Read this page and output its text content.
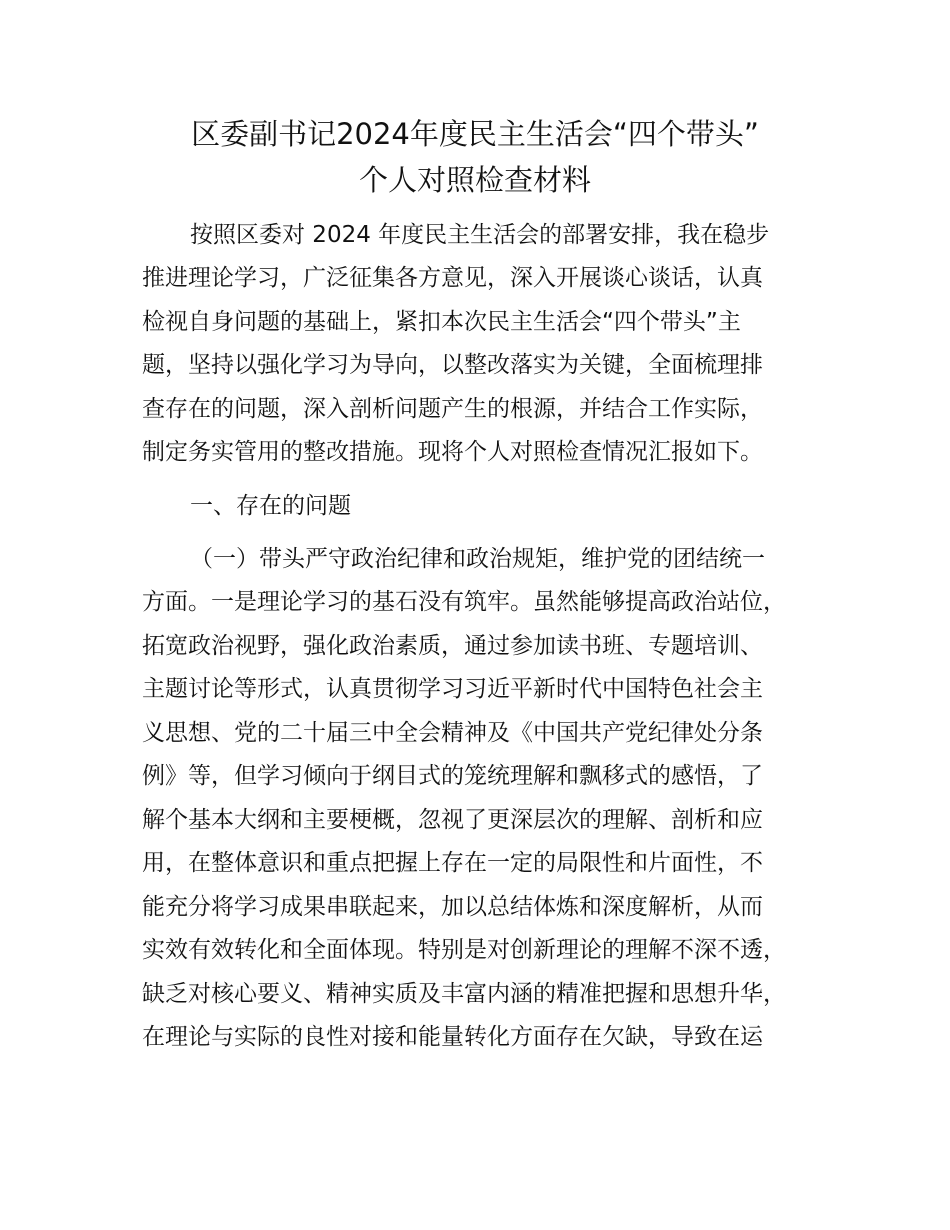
区委副书记2024年度民主生活会“四个带头”
个人对照检查材料
按照区委对 2024 年度民主生活会的部署安排，我在稳步
推进理论学习，广泛征集各方意见，深入开展谈心谈话，认真
检视自身问题的基础上，紧扣本次民主生活会“四个带头”主
题，坚持以强化学习为导向，以整改落实为关键，全面梳理排
查存在的问题，深入剖析问题产生的根源，并结合工作实际，
制定务实管用的整改措施。现将个人对照检查情况汇报如下。
一、存在的问题
（一）带头严守政治纪律和政治规矩，维护党的团结统一
方面。一是理论学习的基石没有筑牢。虽然能够提高政治站位，
拓宽政治视野，强化政治素质，通过参加读书班、专题培训、
主题讨论等形式，认真贯彻学习习近平新时代中国特色社会主
义思想、党的二十届三中全会精神及《中国共产党纪律处分条
例》等，但学习倾向于纲目式的笼统理解和飘移式的感悟，了
解个基本大纲和主要梗概，忽视了更深层次的理解、剖析和应
用，在整体意识和重点把握上存在一定的局限性和片面性，不
能充分将学习成果串联起来，加以总结体炼和深度解析，从而
实效有效转化和全面体现。特别是对创新理论的理解不深不透，
缺乏对核心要义、精神实质及丰富内涵的精准把握和思想升华，
在理论与实际的良性对接和能量转化方面存在欠缺，导致在运
